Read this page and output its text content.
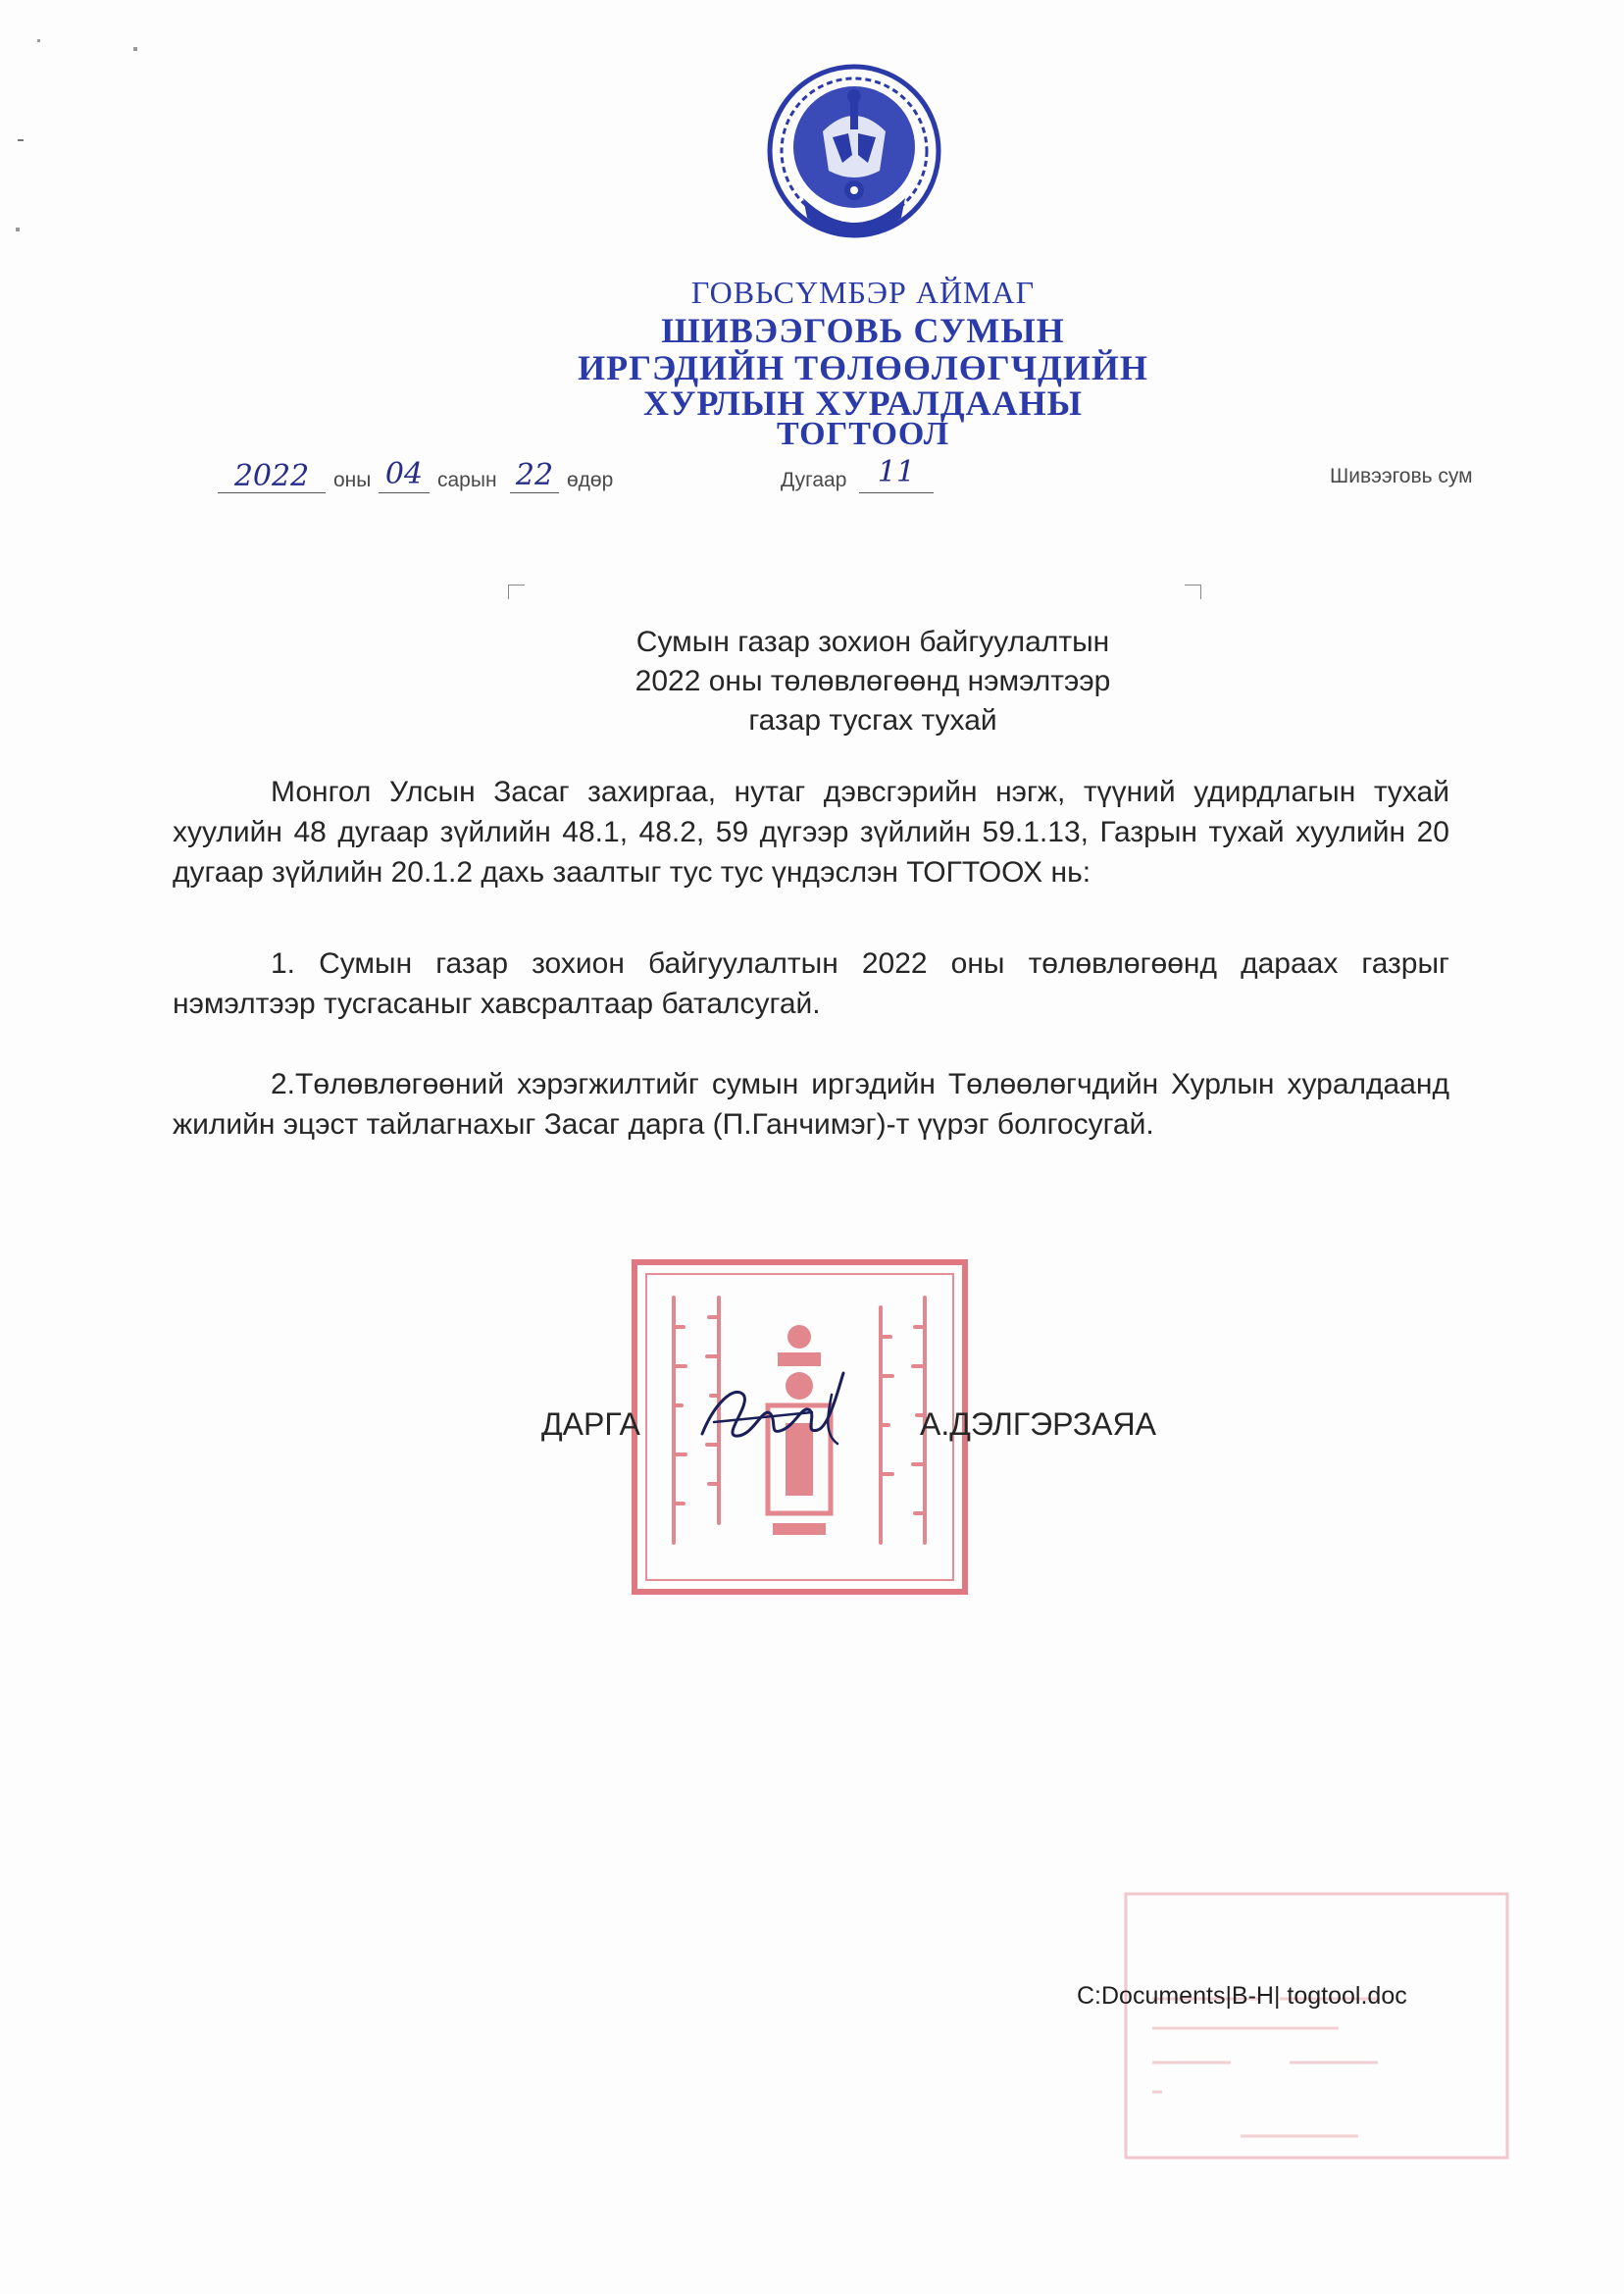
ГОВЬСҮМБЭР АЙМАГ
ШИВЭЭГОВЬ СУМЫН
ИРГЭДИЙН ТӨЛӨӨЛӨГЧДИЙН
ХУРЛЫН ХУРАЛДААНЫ
ТОГТООЛ
2022	оны 04 сарын 22 өдөр	Дугаар	11	Шивээговь сум
Сумын газар зохион байгуулалтын
2022 оны төлөвлөгөөнд нэмэлтээр
газар тусгах тухай
Монгол Улсын Засаг захиргаа, нутаг дэвсгэрийн нэгж, түүний удирдлагын тухай хуулийн 48 дугаар зүйлийн 48.1, 48.2, 59 дүгээр зүйлийн 59.1.13, Газрын тухай хуулийн 20 дугаар зүйлийн 20.1.2 дахь заалтыг тус тус үндэслэн ТОГТООХ нь:
1. Сумын газар зохион байгуулалтын 2022 оны төлөвлөгөөнд дараах газрыг нэмэлтээр тусгасаныг хавсралтаар баталсугай.
2.Төлөвлөгөөний хэрэгжилтийг сумын иргэдийн Төлөөлөгчдийн Хурлын хуралдаанд жилийн эцэст тайлагнахыг Засаг дарга (П.Ганчимэг)-т үүрэг болгосугай.
ДАРГА	А.ДЭЛГЭРЗАЯА
C:Documents|B-H| togtool.doc
